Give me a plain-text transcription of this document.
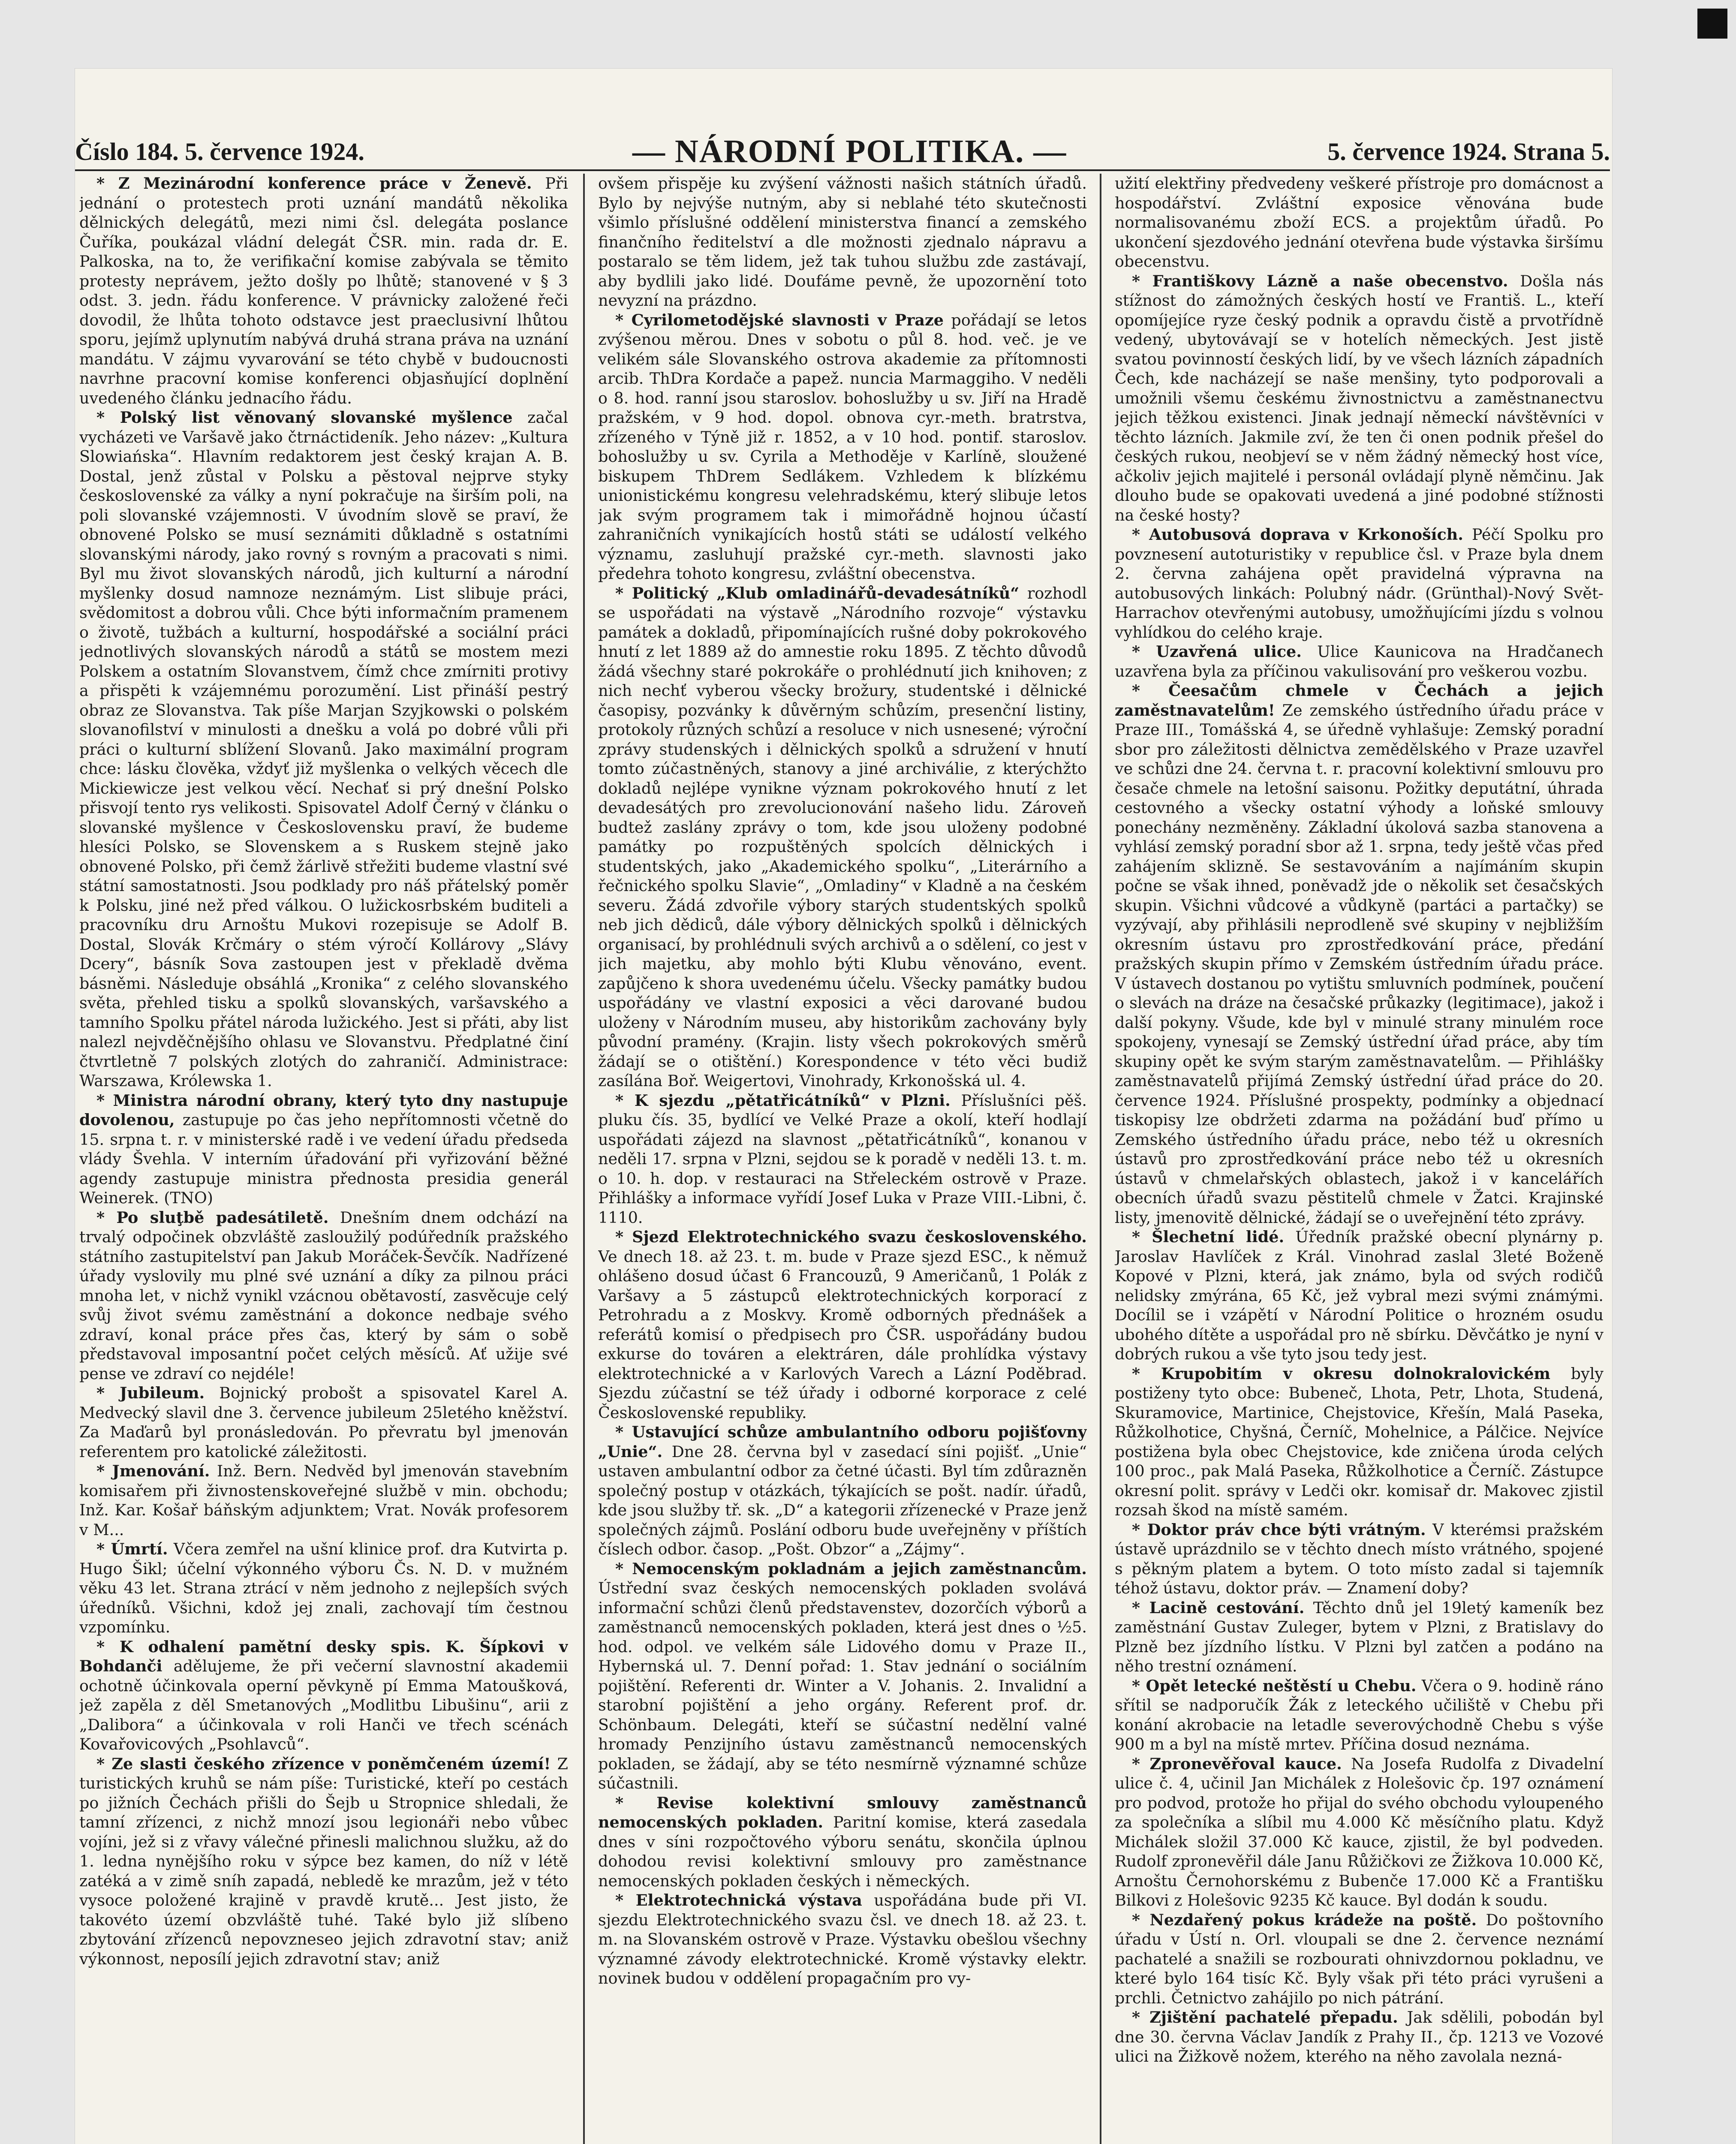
Číslo 184. 5. července 1924.	— NÁRODNÍ POLITIKA. —	5. července 1924. Strana 5.

* Z Mezinárodní konference práce v Ženevě. Při jednání o protestech proti uznání mandátů několika dělnických delegátů, mezi nimi čsl. delegáta poslance Čuříka, poukázal vládní delegát ČSR. min. rada dr. E. Palkoska, na to, že verifikační komise zabývala se těmito protesty neprávem, ježto došly po lhůtě; stanovené v § 3 odst. 3. jedn. řádu konference. V právnicky založené řeči dovodil, že lhůta tohoto odstavce jest praeclusivní lhůtou sporu, jejímž uplynutím nabývá druhá strana práva na uznání mandátu. V zájmu vyvarování se této chybě v budoucnosti navrhne pracovní komise konferenci objasňující doplnění uvedeného článku jednacího řádu.

* Polský list věnovaný slovanské myšlence začal vycházeti ve Varšavě jako čtrnáctideník. Jeho název: „Kultura Slowiańska“. Hlavním redaktorem jest český krajan A. B. Dostal, jenž zůstal v Polsku a pěstoval nejprve styky československé za války a nyní pokračuje na širším poli, na poli slovanské vzájemnosti. V úvodním slově se praví, že obnovené Polsko se musí seznámiti důkladně s ostatními slovanskými národy, jako rovný s rovným a pracovati s nimi. Byl mu život slovanských národů, jich kulturní a národní myšlenky dosud namnoze neznámým. List slibuje práci, svědomitost a dobrou vůli. Chce býti informačním pramenem o životě, tužbách a kulturní, hospodářské a sociální práci jednotlivých slovanských národů a států se mostem mezi Polskem a ostatním Slovanstvem, čímž chce zmírniti protivy a přispěti k vzájemnému porozumění. List přináší pestrý obraz ze Slovanstva. Tak píše Marjan Szyjkowski o polském slovanofilství v minulosti a dnešku a volá po dobré vůli při práci o kulturní sblížení Slovanů. Jako maximální program chce: lásku člověka, vždyť již myšlenka o velkých věcech dle Mickiewicze jest velkou věcí. Nechať si prý dnešní Polsko přisvojí tento rys velikosti. Spisovatel Adolf Černý v článku o slovanské myšlence v Československu praví, že budeme hlesíci Polsko, se Slovenskem a s Ruskem stejně jako obnovené Polsko, při čemž žárlivě střežiti budeme vlastní své státní samostatnosti. Jsou podklady pro náš přátelský poměr k Polsku, jiné než před válkou. O lužickosrbském buditeli a pracovníku dru Arnoštu Mukovi rozepisuje se Adolf B. Dostal, Slovák Krčmáry o stém výročí Kollárovy „Slávy Dcery“, básník Sova zastoupen jest v překladě dvěma básněmi. Následuje obsáhlá „Kronika“ z celého slovanského světa, přehled tisku a spolků slovanských, varšavského a tamního Spolku přátel národa lužického. Jest si přáti, aby list nalezl nejvděčnějšího ohlasu ve Slovanstvu. Předplatné činí čtvrtletně 7 polských zlotých do zahraničí. Administrace: Warszawa, Królewska 1.

* Ministra národní obrany, který tyto dny nastupuje dovolenou, zastupuje po čas jeho nepřítomnosti včetně do 15. srpna t. r. v ministerské radě i ve vedení úřadu předseda vlády Švehla. V interním úřadování při vyřizování běžné agendy zastupuje ministra přednosta presidia generál Weinerek. (TNO)

* Po sluţbě padesátiletě. Dnešním dnem odchází na trvalý odpočinek obzvláště zasloužilý podúředník pražského státního zastupitelství pan Jakub Moráček-Ševčík. Nadřízené úřady vyslovily mu plné své uznání a díky za pilnou práci mnoha let, v nichž vynikl vzácnou obětavostí, zasvěcuje celý svůj život svému zaměstnání a dokonce nedbaje svého zdraví, konal práce přes čas, který by sám o sobě představoval imposantní počet celých měsíců. Ať užije své pense ve zdraví co nejdéle!

* Jubileum. Bojnický probošt a spisovatel Karel A. Medvecký slavil dne 3. července jubileum 25letého kněžství. Za Maďarů byl pronásledován. Po převratu byl jmenován referentem pro katolické záležitosti.

* Jmenování. Inž. Bern. Nedvěd byl jmenován stavebním komisařem při živnostenskoveřejné službě v min. obchodu; Inž. Kar. Košař báňským adjunktem; Vrat. Novák profesorem v M...

* Úmrtí. Včera zemřel na ušní klinice prof. dra Kutvirta p. Hugo Šikl; účelní výkonného výboru Čs. N. D. v mužném věku 43 let. Strana ztrácí v něm jednoho z nejlepších svých úředníků. Všichni, kdož jej znali, zachovají tím čestnou vzpomínku.

* K odhalení pamětní desky spis. K. Šípkovi v Bohdanči adělujeme, že při večerní slavnostní akademii ochotně účinkovala operní pěvkyně pí Emma Matoušková, jež zapěla z děl Smetanových „Modlitbu Libušinu“, arii z „Dalibora“ a účinkovala v roli Hanči ve třech scénách Kovařovicových „Psohlavců“.

* Ze slasti českého zřízence v poněmčeném území! Z turistických kruhů se nám píše: Turistické, kteří po cestách po jižních Čechách přišli do Šejb u Stropnice shledali, že tamní zřízenci, z nichž mnozí jsou legionáři nebo vůbec vojíni, jež si z vřavy válečné přinesli malichnou služku, až do 1. ledna nynějšího roku v sýpce bez kamen, do níž v létě zatéká a v zimě sníh zapadá, nebledě ke mrazům, jež v této vysoce položené krajině v pravdě krutě... Jest jisto, že takovéto území obzvláště tuhé. Také bylo již slíbeno zbytování zřízenců nepovzneseo jejich zdravotní stav; aniž výkonnost, neposílí jejich zdravotní stav; aniž

ovšem přispěje ku zvýšení vážnosti našich státních úřadů. Bylo by nejvýše nutným, aby si neblahé této skutečnosti všimlo příslušné oddělení ministerstva financí a zemského finančního ředitelství a dle možnosti zjednalo nápravu a postaralo se těm lidem, jež tak tuhou službu zde zastávají, aby bydlili jako lidé. Doufáme pevně, že upozornění toto nevyzní na prázdno.

* Cyrilometodějské slavnosti v Praze pořádají se letos zvýšenou měrou. Dnes v sobotu o půl 8. hod. več. je ve velikém sále Slovanského ostrova akademie za přítomnosti arcib. ThDra Kordače a papež. nuncia Marmaggiho. V neděli o 8. hod. ranní jsou staroslov. bohoslužby u sv. Jiří na Hradě pražském, v 9 hod. dopol. obnova cyr.-meth. bratrstva, zřízeného v Týně již r. 1852, a v 10 hod. pontif. staroslov. bohoslužby u sv. Cyrila a Methoděje v Karlíně, sloužené biskupem ThDrem Sedlákem. Vzhledem k blízkému unionistickému kongresu velehradskému, který slibuje letos jak svým programem tak i mimořádně hojnou účastí zahraničních vynikajících hostů státi se událostí velkého významu, zasluhují pražské cyr.-meth. slavnosti jako předehra tohoto kongresu, zvláštní obecenstva.

* Politický „Klub omladinářů-devadesátníků“ rozhodl se uspořádati na výstavě „Národního rozvoje“ výstavku památek a dokladů, připomínajících rušné doby pokrokového hnutí z let 1889 až do amnestie roku 1895. Z těchto důvodů žádá všechny staré pokrokáře o prohlédnutí jich knihoven; z nich nechť vyberou všecky brožury, studentské i dělnické časopisy, pozvánky k důvěrným schůzím, presenční listiny, protokoly různých schůzí a resoluce v nich usnesené; výroční zprávy studenských i dělnických spolků a sdružení v hnutí tomto zúčastněných, stanovy a jiné archiválie, z kterýchžto dokladů nejlépe vynikne význam pokrokového hnutí z let devadesátých pro zrevolucionování našeho lidu. Zároveň budtež zaslány zprávy o tom, kde jsou uloženy podobné památky po rozpuštěných spolcích dělnických i studentských, jako „Akademického spolku“, „Literárního a řečnického spolku Slavie“, „Omladiny“ v Kladně a na českém severu. Žádá zdvořile výbory starých studentských spolků neb jich dědiců, dále výbory dělnických spolků i dělnických organisací, by prohlédnuli svých archivů a o sdělení, co jest v jich majetku, aby mohlo býti Klubu věnováno, event. zapůjčeno k shora uvedenému účelu. Všecky památky budou uspořádány ve vlastní exposici a věci darované budou uloženy v Národním museu, aby historikům zachovány byly původní pramény. (Krajin. listy všech pokrokových směrů žádají se o otištění.) Korespondence v této věci budiž zasílána Boř. Weigertovi, Vinohrady, Krkonošská ul. 4.

* K sjezdu „pětatřicátníků“ v Plzni. Příslušníci pěš. pluku čís. 35, bydlící ve Velké Praze a okolí, kteří hodlají uspořádati zájezd na slavnost „pětatřicátníků“, konanou v neděli 17. srpna v Plzni, sejdou se k poradě v neděli 13. t. m. o 10. h. dop. v restauraci na Střeleckém ostrově v Praze. Přihlášky a informace vyřídí Josef Luka v Praze VIII.-Libni, č. 1110.

* Sjezd Elektrotechnického svazu československého. Ve dnech 18. až 23. t. m. bude v Praze sjezd ESC., k němuž ohlášeno dosud účast 6 Francouzů, 9 Američanů, 1 Polák z Varšavy a 5 zástupců elektrotechnických korporací z Petrohradu a z Moskvy. Kromě odborných přednášek a referátů komisí o předpisech pro ČSR. uspořádány budou exkurse do továren a elektráren, dále prohlídka výstavy elektrotechnické a v Karlových Varech a Lázní Poděbrad. Sjezdu zúčastní se též úřady i odborné korporace z celé Československé republiky.

* Ustavující schůze ambulantního odboru pojišťovny „Unie“. Dne 28. června byl v zasedací síni pojišť. „Unie“ ustaven ambulantní odbor za četné účasti. Byl tím zdůrazněn společný postup v otázkách, týkajících se pošt. nadír. úřadů, kde jsou služby tř. sk. „D“ a kategorii zřízenecké v Praze jenž společných zájmů. Poslání odboru bude uveřejněny v příštích číslech odbor. časop. „Pošt. Obzor“ a „Zájmy“.

* Nemocenským pokladnám a jejich zaměstnancům. Ústřední svaz českých nemocenských pokladen svolává informační schůzi členů představenstev, dozorčích výborů a zaměstnanců nemocenských pokladen, která jest dnes o ½5. hod. odpol. ve velkém sále Lidového domu v Praze II., Hybernská ul. 7. Denní pořad: 1. Stav jednání o sociálním pojištění. Referenti dr. Winter a V. Johanis. 2. Invalidní a starobní pojištění a jeho orgány. Referent prof. dr. Schönbaum. Delegáti, kteří se súčastní nedělní valné hromady Penzijního ústavu zaměstnanců nemocenských pokladen, se žádají, aby se této nesmírně významné schůze súčastnili.

* Revise kolektivní smlouvy zaměstnanců nemocenských pokladen. Paritní komise, která zasedala dnes v síni rozpočtového výboru senátu, skončila úplnou dohodou revisi kolektivní smlouvy pro zaměstnance nemocenských pokladen českých i německých.

* Elektrotechnická výstava uspořádána bude při VI. sjezdu Elektrotechnického svazu čsl. ve dnech 18. až 23. t. m. na Slovanském ostrově v Praze. Výstavku obešlou všechny významné závody elektrotechnické. Kromě výstavky elektr. novinek budou v oddělení propagačním pro vy-

užití elektřiny předvedeny veškeré přístroje pro domácnost a hospodářství. Zvláštní exposice věnována bude normalisovanému zboží ECS. a projektům úřadů. Po ukončení sjezdového jednání otevřena bude výstavka širšímu obecenstvu.

* Františkovy Lázně a naše obecenstvo. Došla nás stížnost do zámožných českých hostí ve Františ. L., kteří opomíjejíce ryze český podnik a opravdu čistě a prvotřídně vedený, ubytovávají se v hotelích německých. Jest jistě svatou povinností českých lidí, by ve všech lázních západních Čech, kde nacházejí se naše menšiny, tyto podporovali a umožnili všemu českému živnostnictvu a zaměstnanectvu jejich těžkou existenci. Jinak jednají německí návštěvníci v těchto lázních. Jakmile zví, že ten či onen podnik přešel do českých rukou, neobjeví se v něm žádný německý host více, ačkoliv jejich majitelé i personál ovládají plyně němčinu. Jak dlouho bude se opakovati uvedená a jiné podobné stížnosti na české hosty?

* Autobusová doprava v Krkonoších. Péčí Spolku pro povznesení autoturistiky v republice čsl. v Praze byla dnem 2. června zahájena opět pravidelná výpravna na autobusových linkách: Polubný nádr. (Grünthal)-Nový Svět-Harrachov otevřenými autobusy, umožňujícími jízdu s volnou vyhlídkou do celého kraje.

* Uzavřená ulice. Ulice Kaunicova na Hradčanech uzavřena byla za příčinou vakulisování pro veškerou vozbu.

* Čeesačům chmele v Čechách a jejich zaměstnavatelům! Ze zemského ústředního úřadu práce v Praze III., Tomášská 4, se úředně vyhlašuje: Zemský poradní sbor pro záležitosti dělnictva zemědělského v Praze uzavřel ve schůzi dne 24. června t. r. pracovní kolektivní smlouvu pro česače chmele na letošní saisonu. Požitky deputátní, úhrada cestovného a všecky ostatní výhody a loňské smlouvy ponechány nezměněny. Základní úkolová sazba stanovena a vyhlásí zemský poradní sbor až 1. srpna, tedy ještě včas před zahájením sklizně. Se sestavováním a najímáním skupin počne se však ihned, poněvadž jde o několik set česačských skupin. Všichni vůdcové a vůdkyně (partáci a partačky) se vyzývají, aby přihlásili neprodleně své skupiny v nejbližším okresním ústavu pro zprostředkování práce, předání pražských skupin přímo v Zemském ústředním úřadu práce. V ústavech dostanou po vytištu smluvních podmínek, poučení o slevách na dráze na česačské průkazky (legitimace), jakož i další pokyny. Všude, kde byl v minulé strany minulém roce spokojeny, vynesají se Zemský ústřední úřad práce, aby tím skupiny opět ke svým starým zaměstnavatelům. — Přihlášky zaměstnavatelů přijímá Zemský ústřední úřad práce do 20. července 1924. Příslušné prospekty, podmínky a objednací tiskopisy lze obdržeti zdarma na požádání buď přímo u Zemského ústředního úřadu práce, nebo též u okresních ústavů pro zprostředkování práce nebo též u okresních ústavů v chmelařských oblastech, jakož i v kancelářích obecních úřadů svazu pěstitelů chmele v Žatci. Krajinské listy, jmenovitě dělnické, žádají se o uveřejnění této zprávy.

* Šlechetní lidé. Úředník pražské obecní plynárny p. Jaroslav Havlíček z Král. Vinohrad zaslal 3leté Boženě Kopové v Plzni, která, jak známo, byla od svých rodičů nelidsky zmýrána, 65 Kč, jež vybral mezi svými známými. Docílil se i vzápětí v Národní Politice o hrozném osudu ubohého dítěte a uspořádal pro ně sbírku. Děvčátko je nyní v dobrých rukou a vše tyto jsou tedy jest.

* Krupobitím v okresu dolnokralovickém byly postiženy tyto obce: Bubeneč, Lhota, Petr, Lhota, Studená, Skuramovice, Martinice, Chejstovice, Křešín, Malá Paseka, Růžkolhotice, Chyšná, Černíč, Mohelnice, a Pálčice. Nejvíce postižena byla obec Chejstovice, kde zničena úroda celých 100 proc., pak Malá Paseka, Růžkolhotice a Černíč. Zástupce okresní polit. správy v Ledči okr. komisař dr. Makovec zjistil rozsah škod na místě samém.

* Doktor práv chce býti vrátným. V kterémsi pražském ústavě uprázdnilo se v těchto dnech místo vrátného, spojené s pěkným platem a bytem. O toto místo zadal si tajemník téhož ústavu, doktor práv. — Znamení doby?

* Lacině cestování. Těchto dnů jel 19letý kameník bez zaměstnání Gustav Zuleger, bytem v Plzni, z Bratislavy do Plzně bez jízdního lístku. V Plzni byl zatčen a podáno na něho trestní oznámení.

* Opět letecké neštěstí u Chebu. Včera o 9. hodině ráno sřítil se nadporučík Žák z leteckého učiliště v Chebu při konání akrobacie na letadle severovýchodně Chebu s výše 900 m a byl na místě mrtev. Příčina dosud neznáma.

* Zpronevěřoval kauce. Na Josefa Rudolfa z Divadelní ulice č. 4, učinil Jan Michálek z Holešovic čp. 197 oznámení pro podvod, protože ho přijal do svého obchodu vyloupeného za společníka a slíbil mu 4.000 Kč měsíčního platu. Když Michálek složil 37.000 Kč kauce, zjistil, že byl podveden. Rudolf zpronevěřil dále Janu Růžičkovi ze Žižkova 10.000 Kč, Arnoštu Černohorskému z Bubenče 17.000 Kč a Františku Bilkovi z Holešovic 9235 Kč kauce. Byl dodán k soudu.

* Nezdařený pokus krádeže na poště. Do poštovního úřadu v Ústí n. Orl. vloupali se dne 2. července neznámí pachatelé a snažili se rozbourati ohnivzdornou pokladnu, ve které bylo 164 tisíc Kč. Byly však při této práci vyrušeni a prchli. Četnictvo zahájilo po nich pátrání.

* Zjištění pachatelé přepadu. Jak sdělili, pobodán byl dne 30. června Václav Jandík z Prahy II., čp. 1213 ve Vozové ulici na Žižkově nožem, kterého na něho zavolala nezná-
